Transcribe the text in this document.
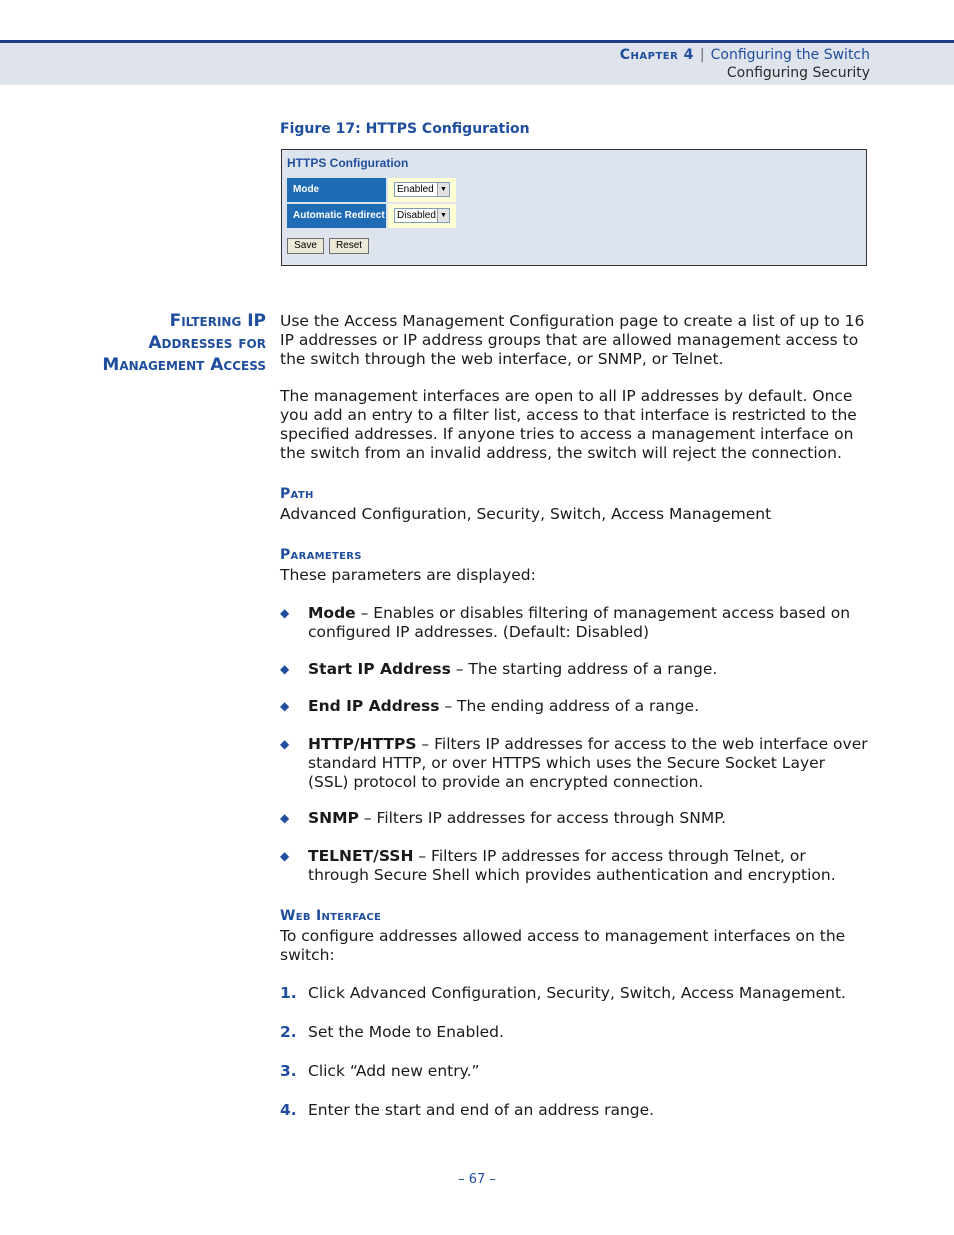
Chapter 4 | Configuring the Switch
Configuring Security
Figure 17: HTTPS Configuration
HTTPS Configuration
Mode	Enabled ▼
Automatic Redirect	Disabled ▼
Save	Reset
Filtering IP
Addresses for
Management Access
Use the Access Management Configuration page to create a list of up to 16 IP addresses or IP address groups that are allowed management access to the switch through the web interface, or SNMP, or Telnet.
The management interfaces are open to all IP addresses by default. Once you add an entry to a filter list, access to that interface is restricted to the specified addresses. If anyone tries to access a management interface on the switch from an invalid address, the switch will reject the connection.
Path
Advanced Configuration, Security, Switch, Access Management
Parameters
These parameters are displayed:
◆ Mode – Enables or disables filtering of management access based on configured IP addresses. (Default: Disabled)
◆ Start IP Address – The starting address of a range.
◆ End IP Address – The ending address of a range.
◆ HTTP/HTTPS – Filters IP addresses for access to the web interface over standard HTTP, or over HTTPS which uses the Secure Socket Layer (SSL) protocol to provide an encrypted connection.
◆ SNMP – Filters IP addresses for access through SNMP.
◆ TELNET/SSH – Filters IP addresses for access through Telnet, or through Secure Shell which provides authentication and encryption.
Web Interface
To configure addresses allowed access to management interfaces on the switch:
1. Click Advanced Configuration, Security, Switch, Access Management.
2. Set the Mode to Enabled.
3. Click “Add new entry.”
4. Enter the start and end of an address range.
– 67 –
